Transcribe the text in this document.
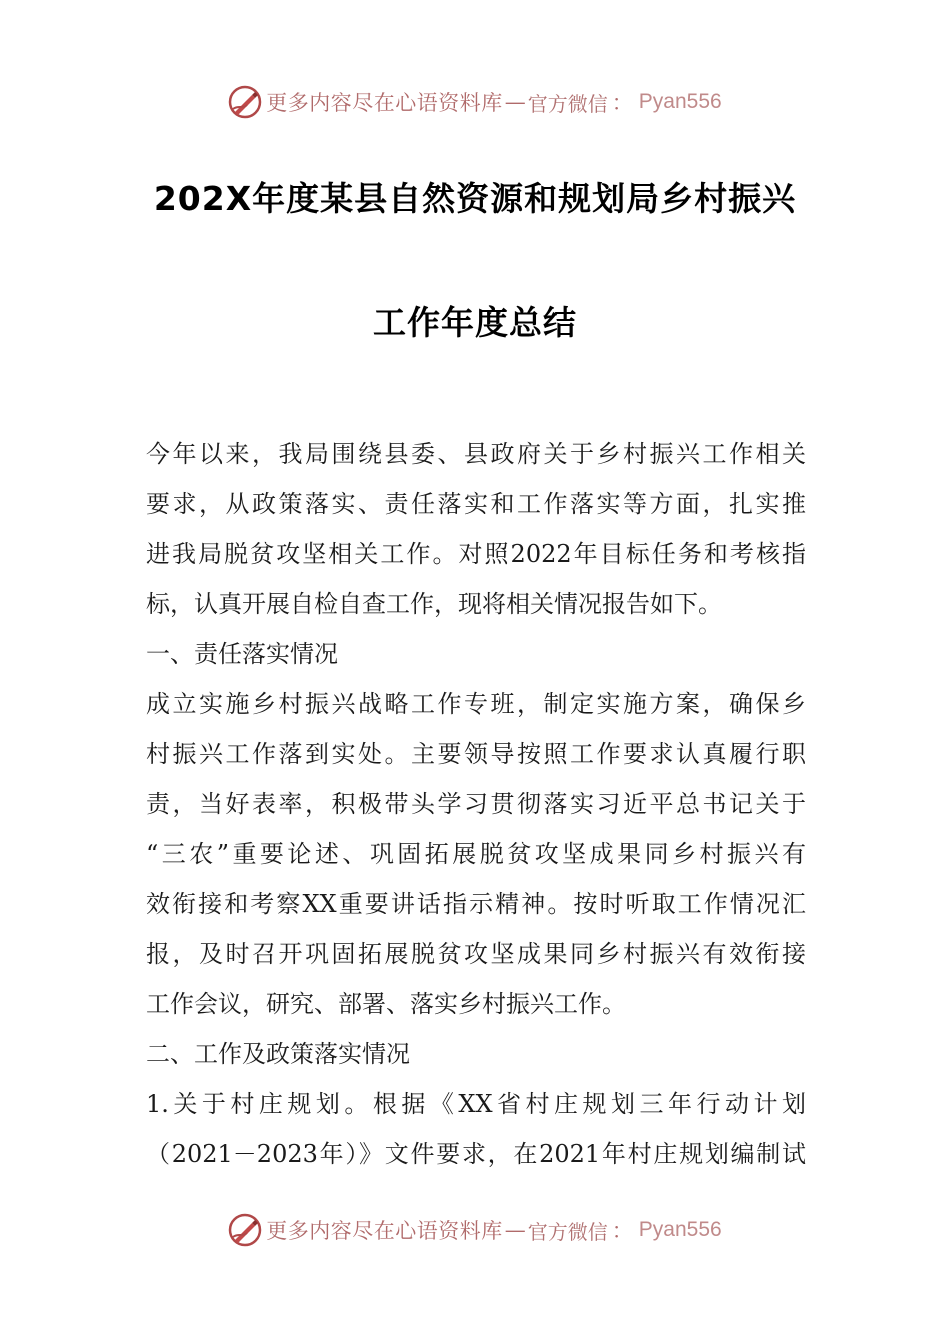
更多内容尽在心语资料库 — 官方微信 ： Pyan556
202X年度某县自然资源和规划局乡村振兴
工作年度总结
今年以来，我局围绕县委、县政府关于乡村振兴工作相关
要求，从政策落实、责任落实和工作落实等方面，扎实推
进我局脱贫攻坚相关工作。对照2022年目标任务和考核指
标，认真开展自检自查工作，现将相关情况报告如下。
一、责任落实情况
成立实施乡村振兴战略工作专班，制定实施方案，确保乡
村振兴工作落到实处。主要领导按照工作要求认真履行职
责，当好表率，积极带头学习贯彻落实习近平总书记关于
“三农”重要论述、巩固拓展脱贫攻坚成果同乡村振兴有
效衔接和考察XX重要讲话指示精神。按时听取工作情况汇
报，及时召开巩固拓展脱贫攻坚成果同乡村振兴有效衔接
工作会议，研究、部署、落实乡村振兴工作。
二、工作及政策落实情况
1.关于村庄规划。根据《XX省村庄规划三年行动计划
（2021－2023年）》文件要求，在2021年村庄规划编制试
更多内容尽在心语资料库 — 官方微信 ： Pyan556
